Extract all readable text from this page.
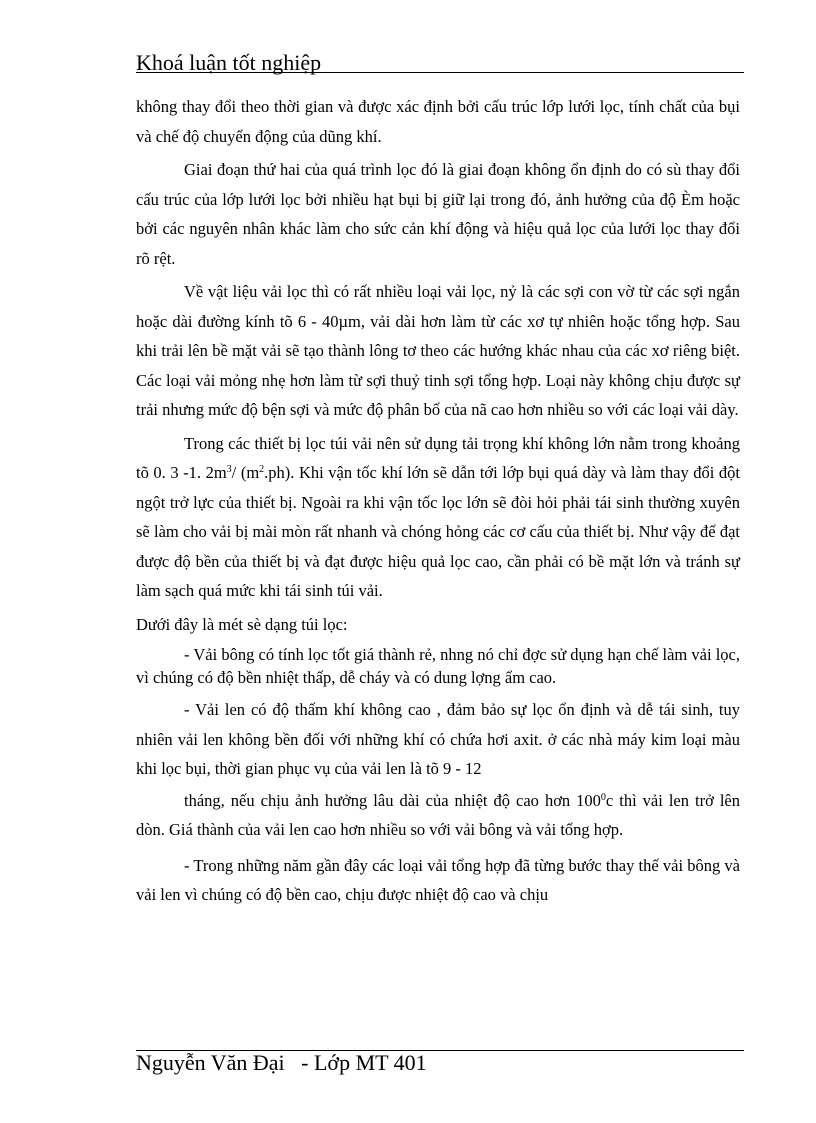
Khoá luận tốt nghiệp

không thay đổi theo thời gian và được xác định bởi cấu trúc lớp lưới lọc, tính chất của bụi và chế độ chuyển động của dũng khí.

Giai đoạn thứ hai của quá trình lọc đó là giai đoạn không ổn định do có sù thay đổi cấu trúc của lớp lưới lọc bởi nhiều hạt bụi bị giữ lại trong đó, ảnh hưởng của độ Èm hoặc bởi các nguyên nhân khác làm cho sức cản khí động và hiệu quả lọc của lưới lọc thay đổi rõ rệt.

Về vật liệu vải lọc thì có rất nhiều loại vải lọc, nỷ là các sợi con vờ từ các sợi ngắn hoặc dài đường kính tõ 6 - 40µm, vải dài hơn làm từ các xơ tự nhiên hoặc tổng hợp. Sau khi trải lên bề mặt vải sẽ tạo thành lông tơ theo các hướng khác nhau của các xơ riêng biệt. Các loại vải mỏng nhẹ hơn làm từ sợi thuỷ tinh sợi tổng hợp. Loại này không chịu được sự trải nhưng mức độ bện sợi và mức độ phân bố của nã cao hơn nhiều so với các loại vải dày.

Trong các thiết bị lọc túi vải nên sử dụng tải trọng khí không lớn nằm trong khoảng tõ 0. 3 -1. $2m^3/$ $(m^2.ph)$. Khi vận tốc khí lớn sẽ dẫn tới lớp bụi quá dày và làm thay đổi đột ngột trở lực của thiết bị. Ngoài ra khi vận tốc lọc lớn sẽ đòi hỏi phải tái sinh thường xuyên sẽ làm cho vải bị mài mòn rất nhanh và chóng hỏng các cơ cấu của thiết bị. Như vậy để đạt được độ bền của thiết bị và đạt được hiệu quả lọc cao, cần phải có bề mặt lớn và tránh sự làm sạch quá mức khi tái sinh túi vải.

Dưới đây là mét sè dạng túi lọc:

- Vải bông có tính lọc tốt giá thành rẻ, nhng nó chỉ đợc sử dụng hạn chế làm vải lọc, vì chúng có độ bền nhiệt thấp, dễ cháy và có dung lợng ẩm cao.

- Vải len có độ thấm khí không cao , đảm bảo sự lọc ổn định và dễ tái sinh, tuy nhiên vải len không bền đối với những khí có chứa hơi axit. ở các nhà máy kim loại màu khi lọc bụi, thời gian phục vụ của vải len là tõ 9 - 12

tháng, nếu chịu ảnh hưởng lâu dài của nhiệt độ cao hơn $100^0c$ thì vải len trở lên dòn. Giá thành của vải len cao hơn nhiều so với vải bông và vải tổng hợp.

- Trong những năm gần đây các loại vải tổng hợp đã từng bước thay thế vải bông và vải len vì chúng có độ bền cao, chịu được nhiệt độ cao và chịu

Nguyễn Văn Đại - Lớp MT 401
